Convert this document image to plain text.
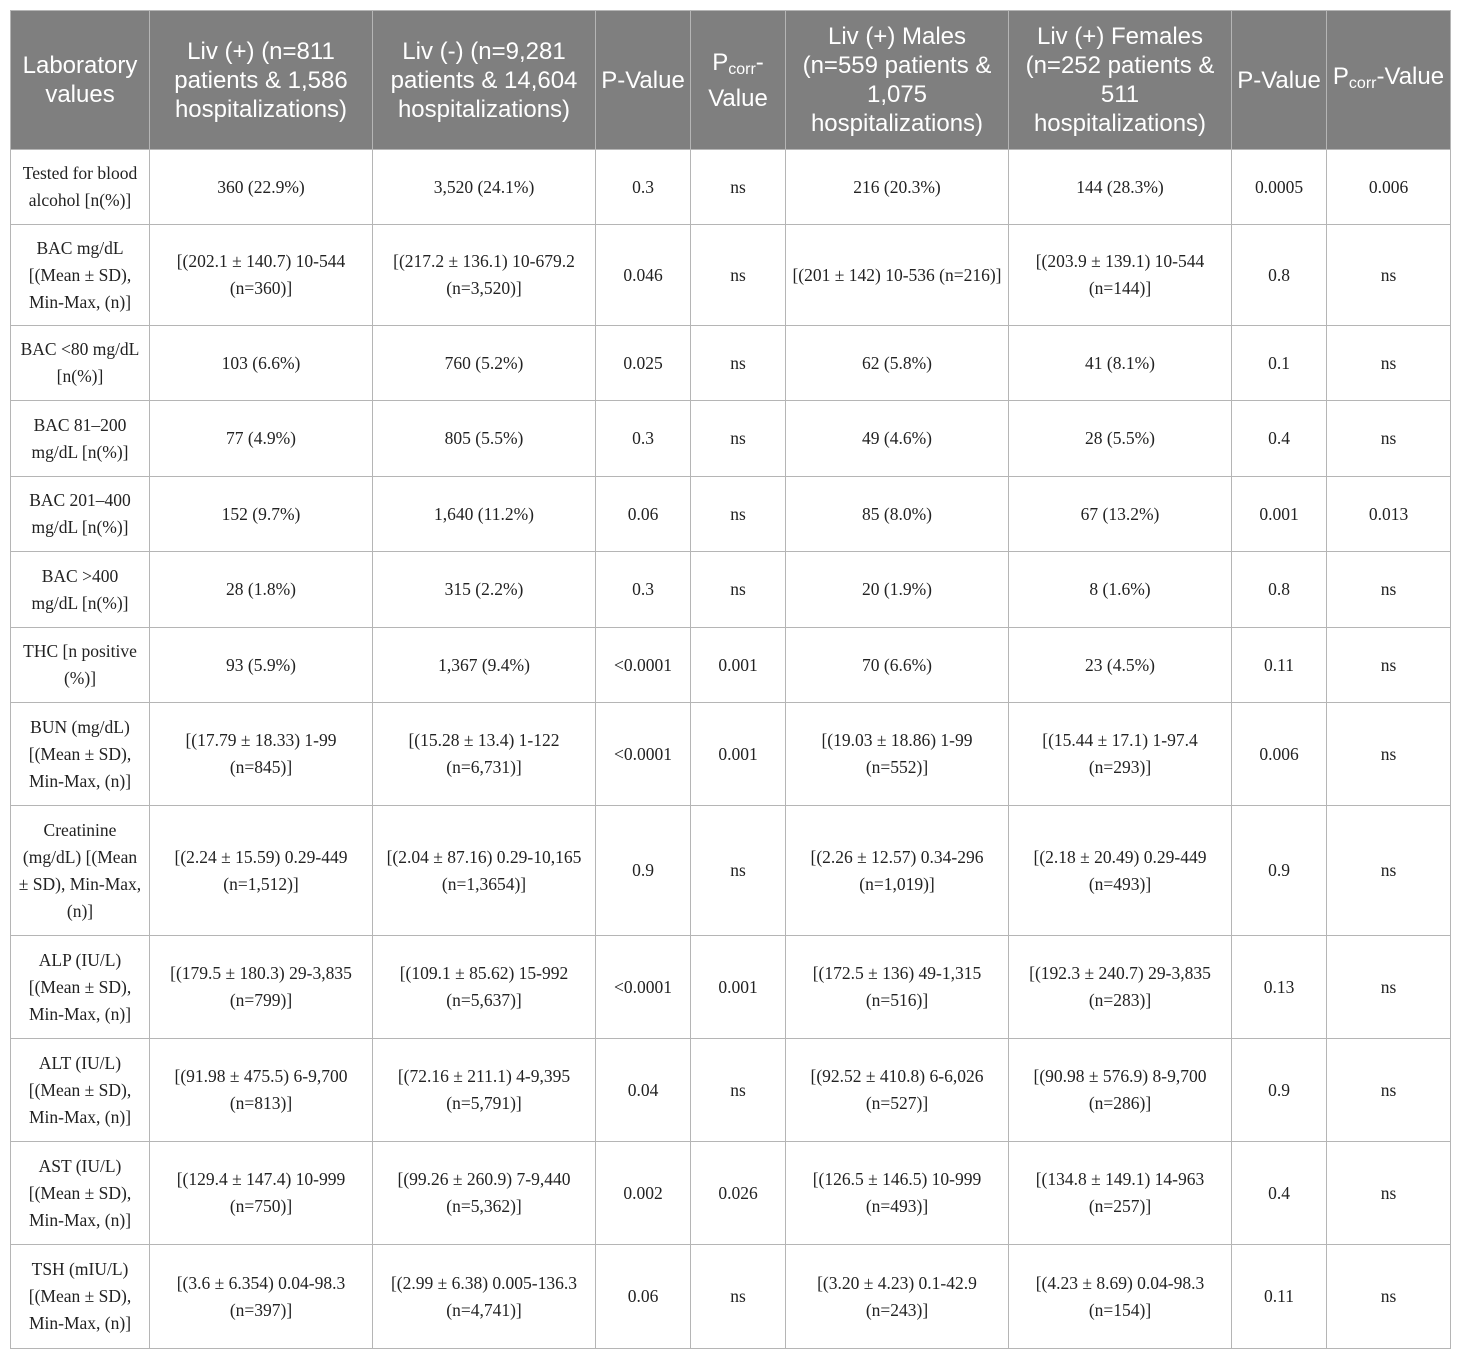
Laboratory values	Liv (+) (n=811 patients & 1,586 hospitalizations)	Liv (-) (n=9,281 patients & 14,604 hospitalizations)	P-Value	$P_{corr}$-Value	Liv (+) Males (n=559 patients & 1,075 hospitalizations)	Liv (+) Females (n=252 patients & 511 hospitalizations)	P-Value	$P_{corr}$-Value
Tested for blood alcohol [n(%)]	360 (22.9%)	3,520 (24.1%)	0.3	ns	216 (20.3%)	144 (28.3%)	0.0005	0.006
BAC mg/dL [(Mean ± SD), Min-Max, (n)]	[(202.1 ± 140.7) 10-544 (n=360)]	[(217.2 ± 136.1) 10-679.2 (n=3,520)]	0.046	ns	[(201 ± 142) 10-536 (n=216)]	[(203.9 ± 139.1) 10-544 (n=144)]	0.8	ns
BAC <80 mg/dL [n(%)]	103 (6.6%)	760 (5.2%)	0.025	ns	62 (5.8%)	41 (8.1%)	0.1	ns
BAC 81–200 mg/dL [n(%)]	77 (4.9%)	805 (5.5%)	0.3	ns	49 (4.6%)	28 (5.5%)	0.4	ns
BAC 201–400 mg/dL [n(%)]	152 (9.7%)	1,640 (11.2%)	0.06	ns	85 (8.0%)	67 (13.2%)	0.001	0.013
BAC >400 mg/dL [n(%)]	28 (1.8%)	315 (2.2%)	0.3	ns	20 (1.9%)	8 (1.6%)	0.8	ns
THC [n positive (%)]	93 (5.9%)	1,367 (9.4%)	<0.0001	0.001	70 (6.6%)	23 (4.5%)	0.11	ns
BUN (mg/dL) [(Mean ± SD), Min-Max, (n)]	[(17.79 ± 18.33) 1-99 (n=845)]	[(15.28 ± 13.4) 1-122 (n=6,731)]	<0.0001	0.001	[(19.03 ± 18.86) 1-99 (n=552)]	[(15.44 ± 17.1) 1-97.4 (n=293)]	0.006	ns
Creatinine (mg/dL) [(Mean ± SD), Min-Max, (n)]	[(2.24 ± 15.59) 0.29-449 (n=1,512)]	[(2.04 ± 87.16) 0.29-10,165 (n=1,3654)]	0.9	ns	[(2.26 ± 12.57) 0.34-296 (n=1,019)]	[(2.18 ± 20.49) 0.29-449 (n=493)]	0.9	ns
ALP (IU/L) [(Mean ± SD), Min-Max, (n)]	[(179.5 ± 180.3) 29-3,835 (n=799)]	[(109.1 ± 85.62) 15-992 (n=5,637)]	<0.0001	0.001	[(172.5 ± 136) 49-1,315 (n=516)]	[(192.3 ± 240.7) 29-3,835 (n=283)]	0.13	ns
ALT (IU/L) [(Mean ± SD), Min-Max, (n)]	[(91.98 ± 475.5) 6-9,700 (n=813)]	[(72.16 ± 211.1) 4-9,395 (n=5,791)]	0.04	ns	[(92.52 ± 410.8) 6-6,026 (n=527)]	[(90.98 ± 576.9) 8-9,700 (n=286)]	0.9	ns
AST (IU/L) [(Mean ± SD), Min-Max, (n)]	[(129.4 ± 147.4) 10-999 (n=750)]	[(99.26 ± 260.9) 7-9,440 (n=5,362)]	0.002	0.026	[(126.5 ± 146.5) 10-999 (n=493)]	[(134.8 ± 149.1) 14-963 (n=257)]	0.4	ns
TSH (mIU/L) [(Mean ± SD), Min-Max, (n)]	[(3.6 ± 6.354) 0.04-98.3 (n=397)]	[(2.99 ± 6.38) 0.005-136.3 (n=4,741)]	0.06	ns	[(3.20 ± 4.23) 0.1-42.9 (n=243)]	[(4.23 ± 8.69) 0.04-98.3 (n=154)]	0.11	ns
